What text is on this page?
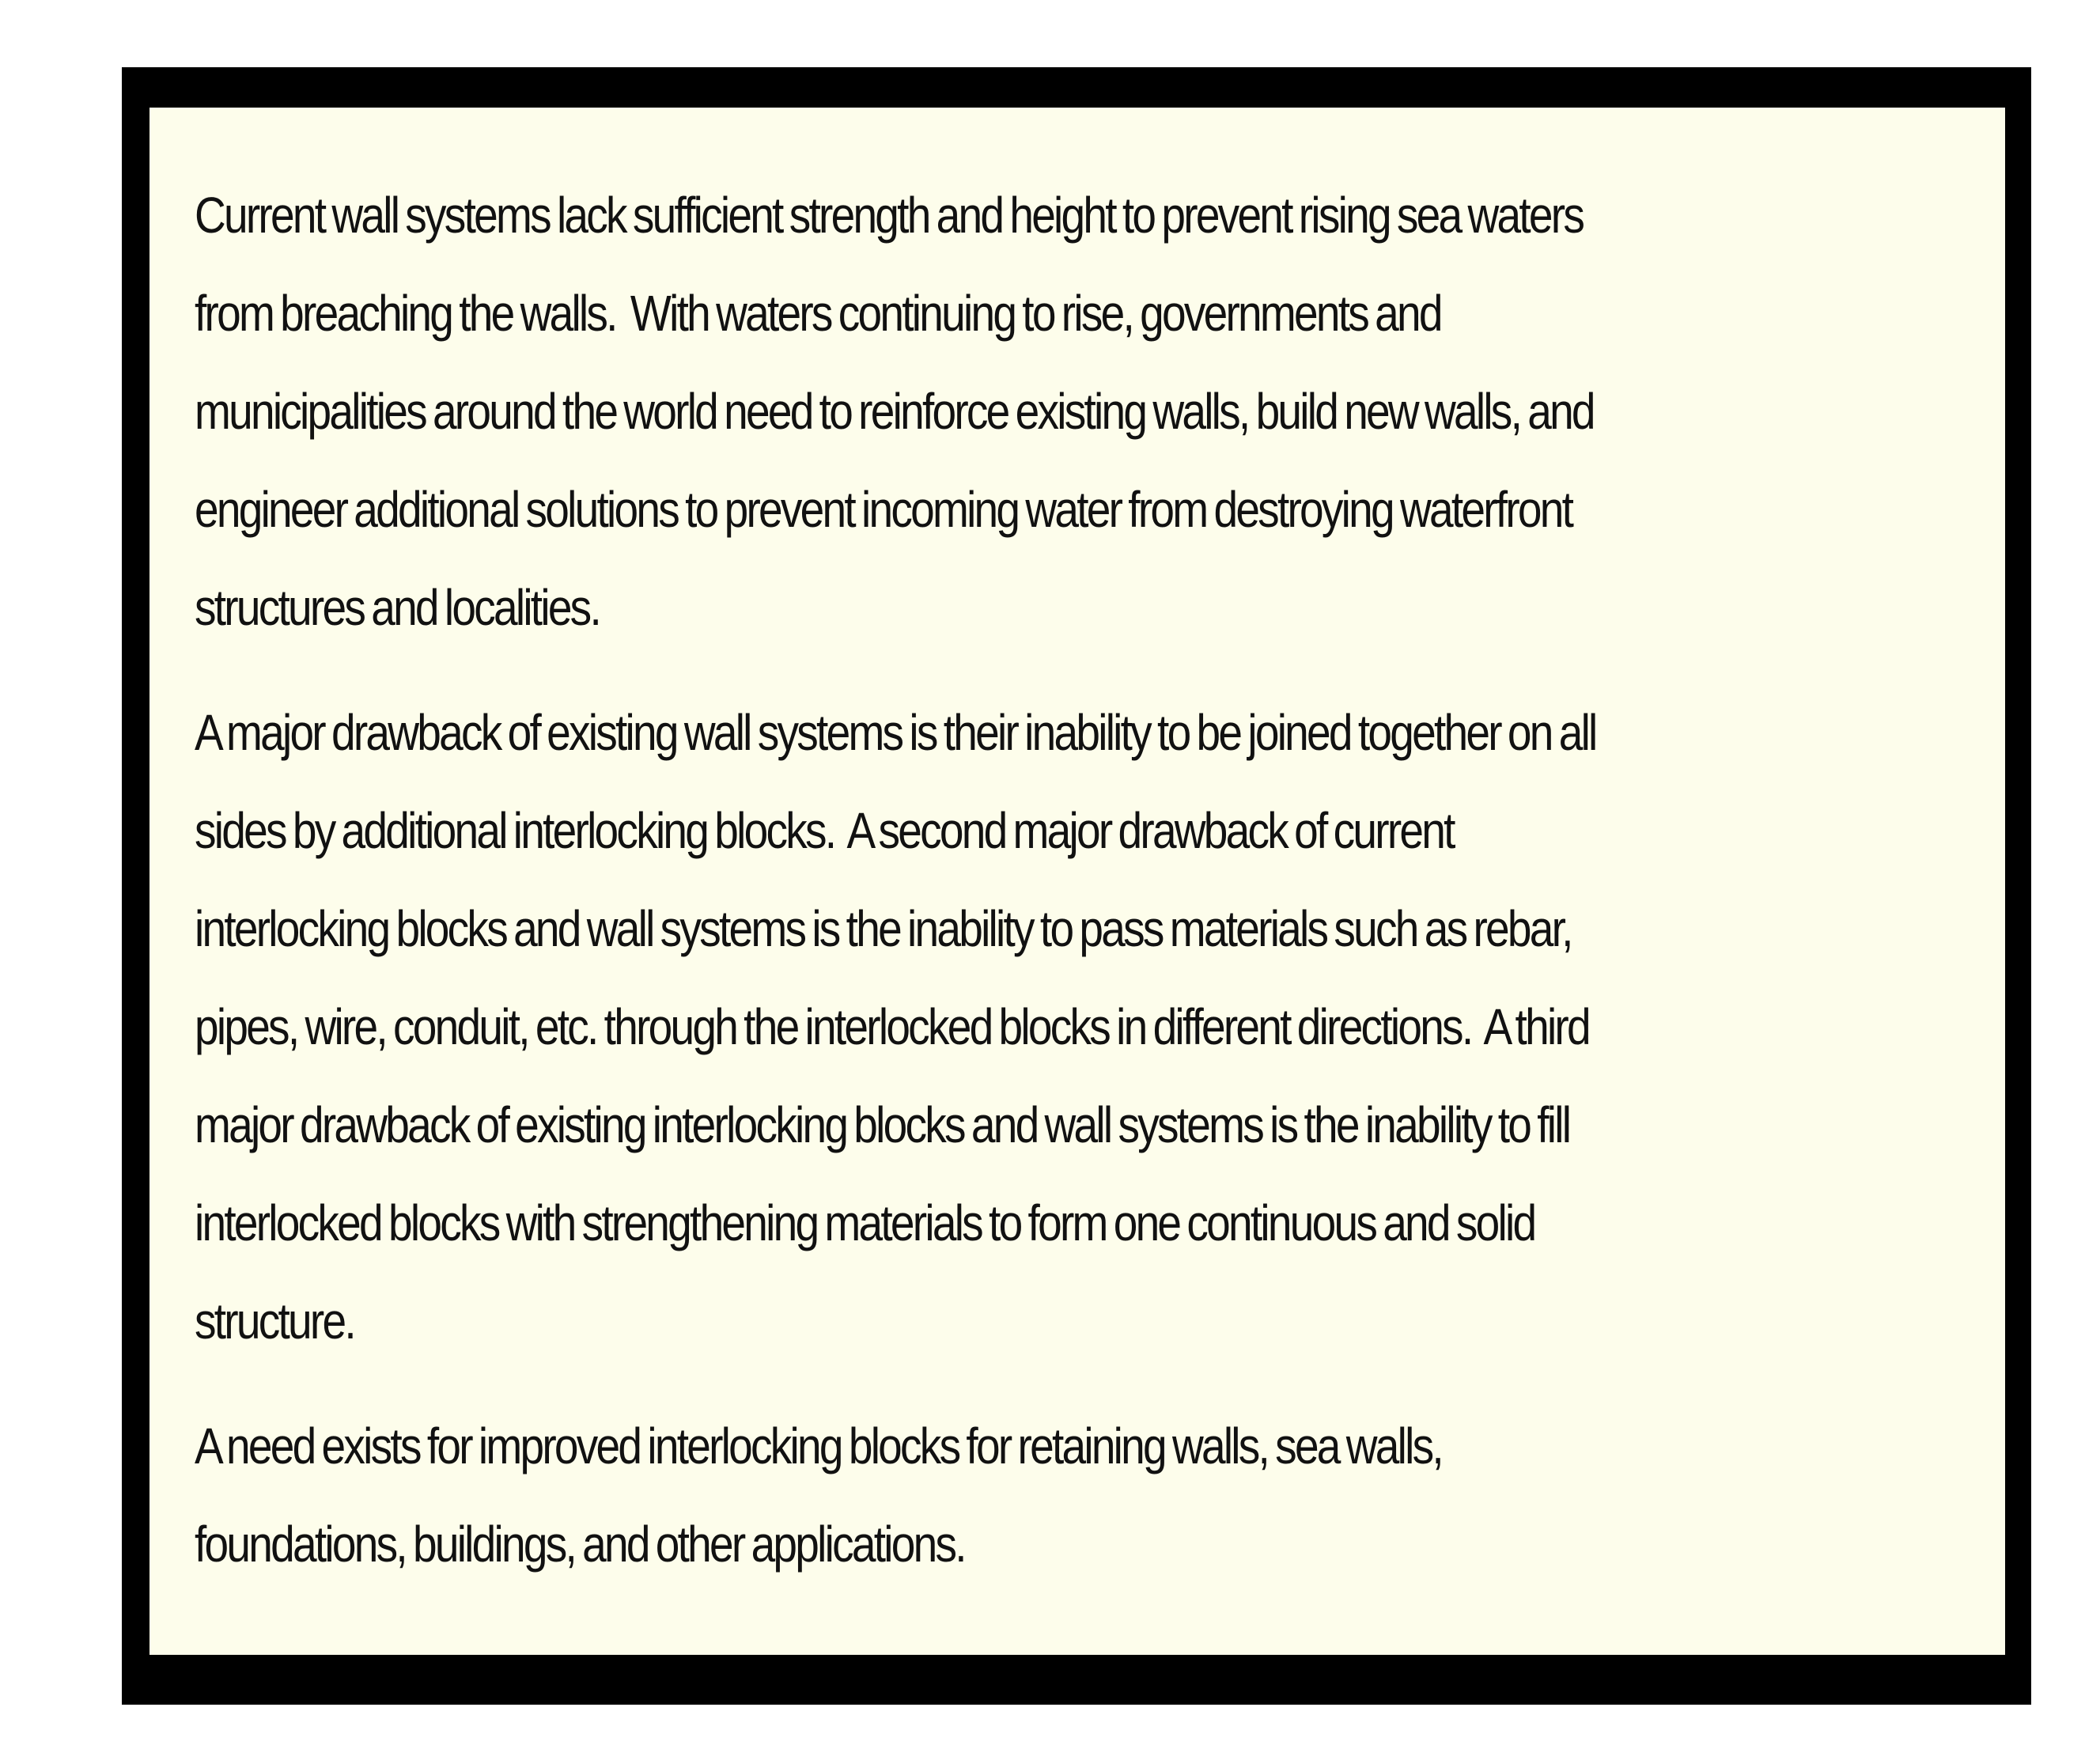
Current wall systems lack sufficient strength and height to prevent rising sea waters
from breaching the walls.  With waters continuing to rise, governments and
municipalities around the world need to reinforce existing walls, build new walls, and
engineer additional solutions to prevent incoming water from destroying waterfront
structures and localities.
A major drawback of existing wall systems is their inability to be joined together on all
sides by additional interlocking blocks.  A second major drawback of current
interlocking blocks and wall systems is the inability to pass materials such as rebar,
pipes, wire, conduit, etc. through the interlocked blocks in different directions.  A third
major drawback of existing interlocking blocks and wall systems is the inability to fill
interlocked blocks with strengthening materials to form one continuous and solid
structure.
A need exists for improved interlocking blocks for retaining walls, sea walls,
foundations, buildings, and other applications.
